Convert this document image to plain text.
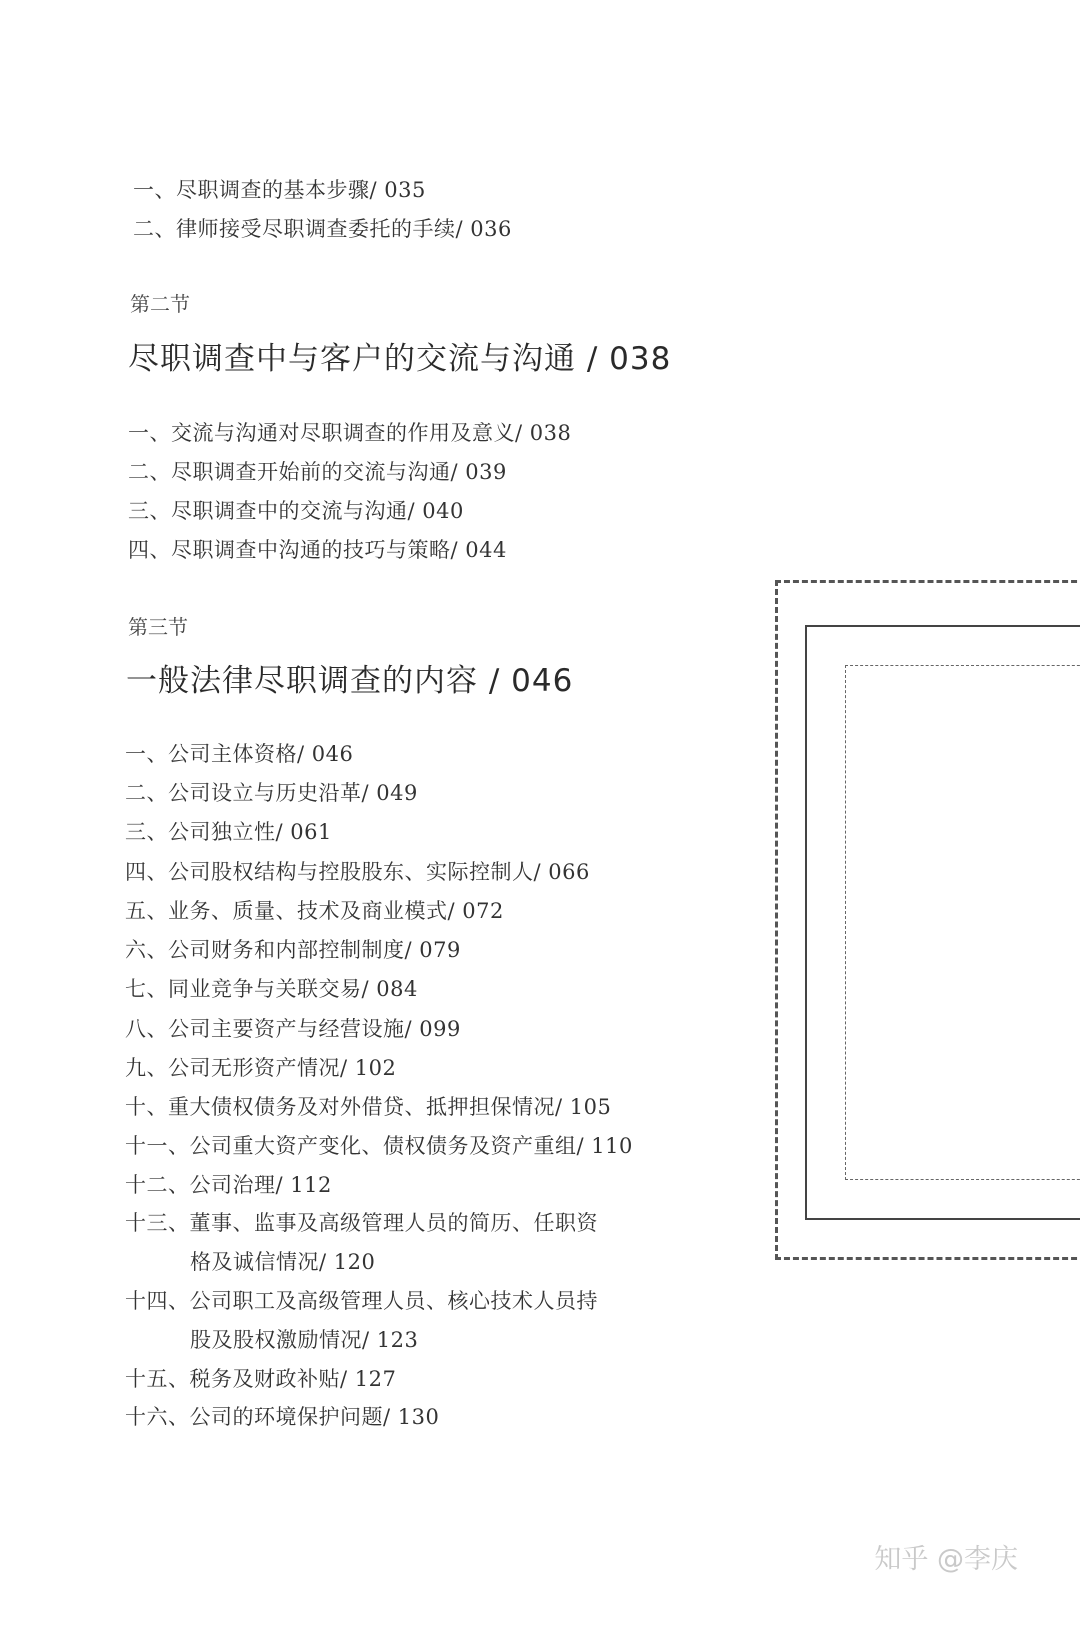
一、尽职调查的基本步骤/ 035
二、律师接受尽职调查委托的手续/ 036
第二节
尽职调查中与客户的交流与沟通 / 038
一、交流与沟通对尽职调查的作用及意义/ 038
二、尽职调查开始前的交流与沟通/ 039
三、尽职调查中的交流与沟通/ 040
四、尽职调查中沟通的技巧与策略/ 044
第三节
一般法律尽职调查的内容 / 046
一、公司主体资格/ 046
二、公司设立与历史沿革/ 049
三、公司独立性/ 061
四、公司股权结构与控股股东、实际控制人/ 066
五、业务、质量、技术及商业模式/ 072
六、公司财务和内部控制制度/ 079
七、同业竞争与关联交易/ 084
八、公司主要资产与经营设施/ 099
九、公司无形资产情况/ 102
十、重大债权债务及对外借贷、抵押担保情况/ 105
十一、公司重大资产变化、债权债务及资产重组/ 110
十二、公司治理/ 112
十三、董事、监事及高级管理人员的简历、任职资
格及诚信情况/ 120
十四、公司职工及高级管理人员、核心技术人员持
股及股权激励情况/ 123
十五、税务及财政补贴/ 127
十六、公司的环境保护问题/ 130
知乎 @李庆
